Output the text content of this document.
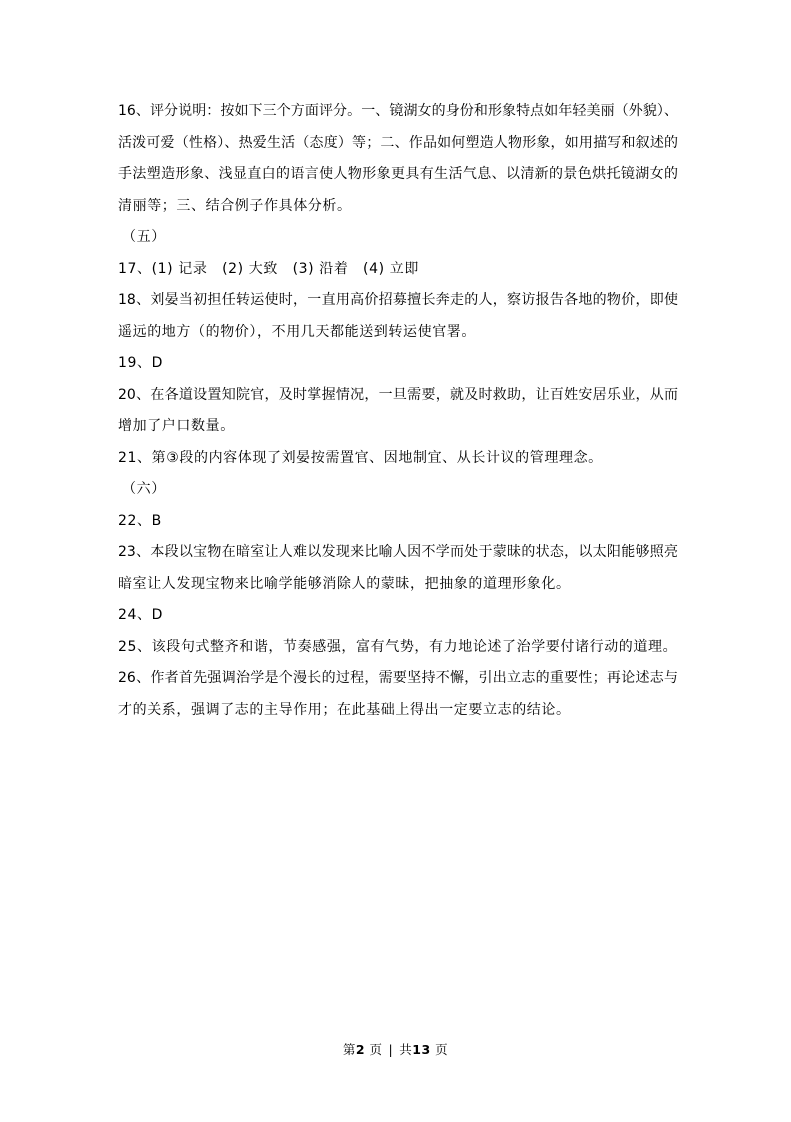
16、评分说明：按如下三个方面评分。一、镜湖女的身份和形象特点如年轻美丽（外貌）、
活泼可爱（性格）、热爱生活（态度）等；二、作品如何塑造人物形象，如用描写和叙述的
手法塑造形象、浅显直白的语言使人物形象更具有生活气息、以清新的景色烘托镜湖女的
清丽等；三、结合例子作具体分析。
（五）
17、(1) 记录　(2) 大致　(3) 沿着　(4) 立即
18、刘晏当初担任转运使时，一直用高价招募擅长奔走的人，察访报告各地的物价，即使
遥远的地方（的物价），不用几天都能送到转运使官署。
19、D
20、在各道设置知院官，及时掌握情况，一旦需要，就及时救助，让百姓安居乐业，从而
增加了户口数量。
21、第③段的内容体现了刘晏按需置官、因地制宜、从长计议的管理理念。
（六）
22、B
23、本段以宝物在暗室让人难以发现来比喻人因不学而处于蒙昧的状态，以太阳能够照亮
暗室让人发现宝物来比喻学能够消除人的蒙昧，把抽象的道理形象化。
24、D
25、该段句式整齐和谐，节奏感强，富有气势，有力地论述了治学要付诸行动的道理。
26、作者首先强调治学是个漫长的过程，需要坚持不懈，引出立志的重要性；再论述志与
才的关系，强调了志的主导作用；在此基础上得出一定要立志的结论。
第2 页 | 共13 页
